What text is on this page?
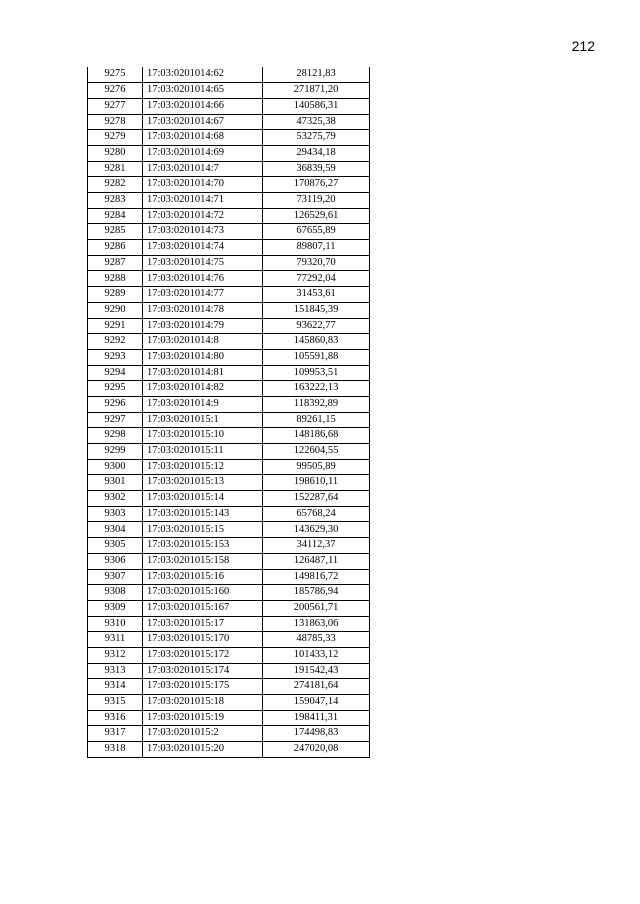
212
9275	17:03:0201014:62	28121,83
9276	17:03:0201014:65	271871,20
9277	17:03:0201014:66	140586,31
9278	17:03:0201014:67	47325,38
9279	17:03:0201014:68	53275,79
9280	17:03:0201014:69	29434,18
9281	17:03:0201014:7	36839,59
9282	17:03:0201014:70	170876,27
9283	17:03:0201014:71	73119,20
9284	17:03:0201014:72	126529,61
9285	17:03:0201014:73	67655,89
9286	17:03:0201014:74	89807,11
9287	17:03:0201014:75	79320,70
9288	17:03:0201014:76	77292,04
9289	17:03:0201014:77	31453,61
9290	17:03:0201014:78	151845,39
9291	17:03:0201014:79	93622,77
9292	17:03:0201014:8	145860,83
9293	17:03:0201014:80	105591,88
9294	17:03:0201014:81	109953,51
9295	17:03:0201014:82	163222,13
9296	17:03:0201014:9	118392,89
9297	17:03:0201015:1	89261,15
9298	17:03:0201015:10	148186,68
9299	17:03:0201015:11	122604,55
9300	17:03:0201015:12	99505,89
9301	17:03:0201015:13	198610,11
9302	17:03:0201015:14	152287,64
9303	17:03:0201015:143	65768,24
9304	17:03:0201015:15	143629,30
9305	17:03:0201015:153	34112,37
9306	17:03:0201015:158	126487,11
9307	17:03:0201015:16	149816,72
9308	17:03:0201015:160	185786,94
9309	17:03:0201015:167	200561,71
9310	17:03:0201015:17	131863,06
9311	17:03:0201015:170	48785,33
9312	17:03:0201015:172	101433,12
9313	17:03:0201015:174	191542,43
9314	17:03:0201015:175	274181,64
9315	17:03:0201015:18	159047,14
9316	17:03:0201015:19	198411,31
9317	17:03:0201015:2	174498,83
9318	17:03:0201015:20	247020,08
